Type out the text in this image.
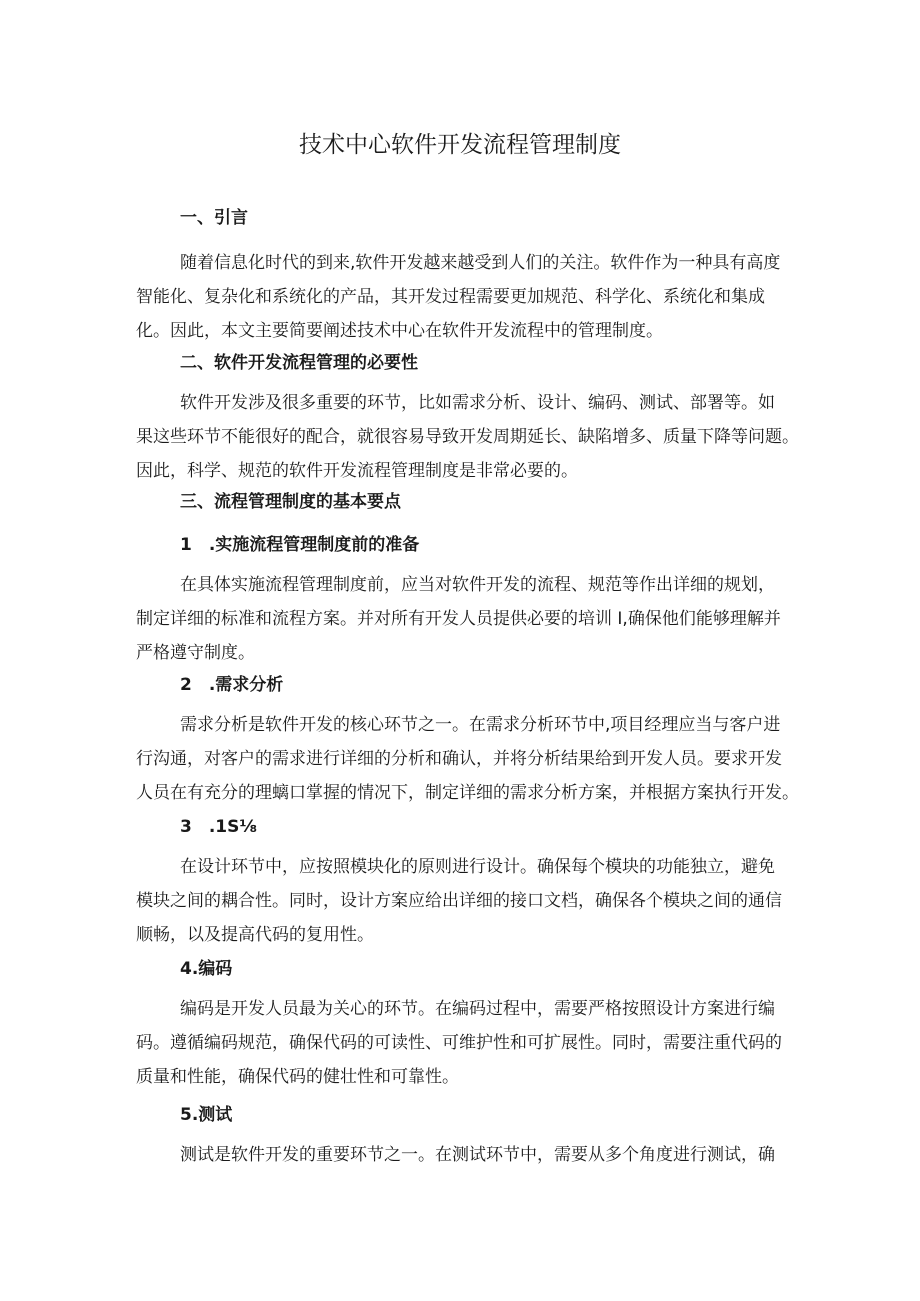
技术中心软件开发流程管理制度
一、引言

随着信息化时代的到来,软件开发越来越受到人们的关注。软件作为一种具有高度
智能化、复杂化和系统化的产品，其开发过程需要更加规范、科学化、系统化和集成
化。因此，本文主要简要阐述技术中心在软件开发流程中的管理制度。

二、软件开发流程管理的必要性

软件开发涉及很多重要的环节，比如需求分析、设计、编码、测试、部署等。如
果这些环节不能很好的配合，就很容易导致开发周期延长、缺陷增多、质量下降等问题。
因此，科学、规范的软件开发流程管理制度是非常必要的。

三、流程管理制度的基本要点
1　.实施流程管理制度前的准备

在具体实施流程管理制度前，应当对软件开发的流程、规范等作出详细的规划，
制定详细的标准和流程方案。并对所有开发人员提供必要的培训 I,确保他们能够理解并
严格遵守制度。

2　.需求分析

需求分析是软件开发的核心环节之一。在需求分析环节中,项目经理应当与客户进
行沟通，对客户的需求进行详细的分析和确认，并将分析结果给到开发人员。要求开发
人员在有充分的理螭口掌握的情况下，制定详细的需求分析方案，并根据方案执行开发。

3　.1S⅛

在设计环节中，应按照模块化的原则进行设计。确保每个模块的功能独立，避免
模块之间的耦合性。同时，设计方案应给出详细的接口文档，确保各个模块之间的通信
顺畅，以及提高代码的复用性。

4.编码

编码是开发人员最为关心的环节。在编码过程中，需要严格按照设计方案进行编
码。遵循编码规范，确保代码的可读性、可维护性和可扩展性。同时，需要注重代码的
质量和性能，确保代码的健壮性和可靠性。

5.测试

测试是软件开发的重要环节之一。在测试环节中，需要从多个角度进行测试，确
